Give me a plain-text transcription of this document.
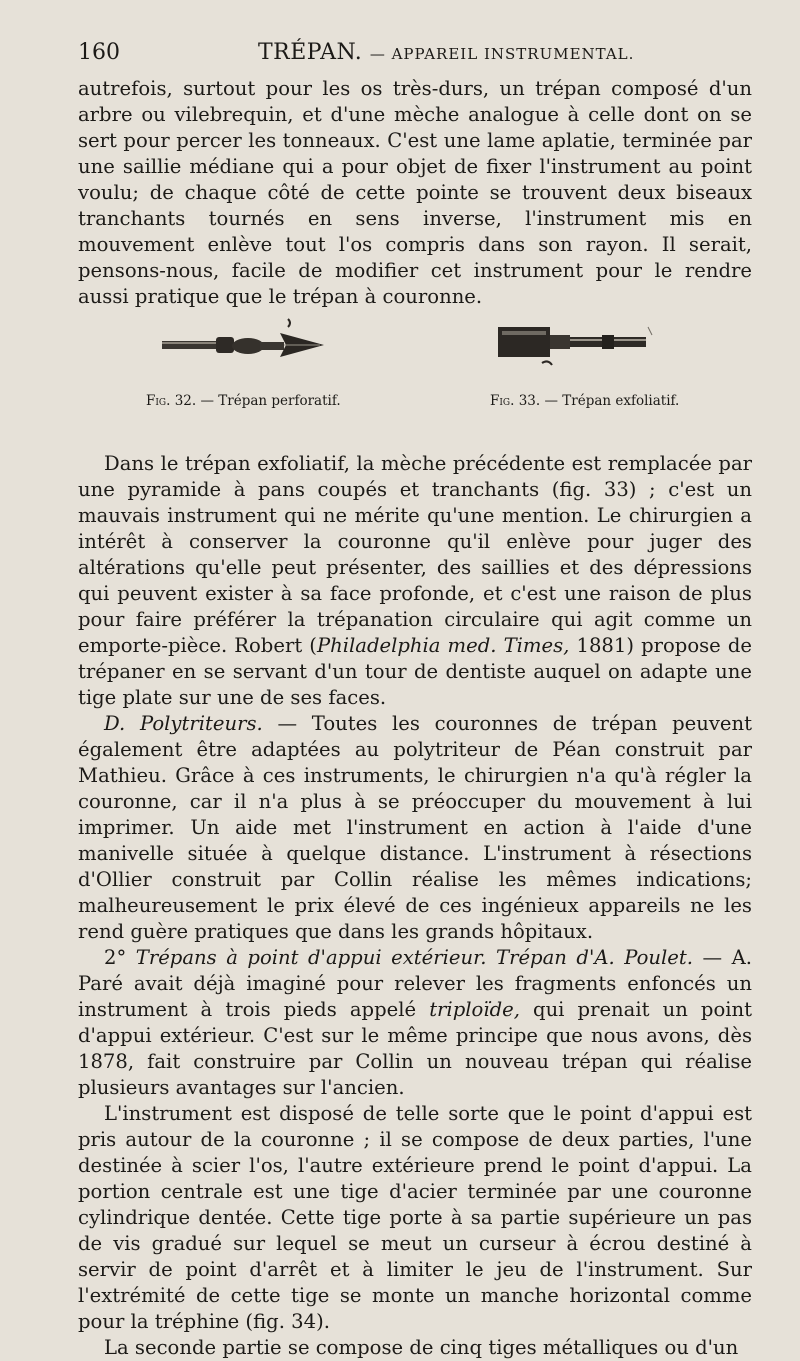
160	TRÉPAN. — APPAREIL INSTRUMENTAL.

autrefois, surtout pour les os très-durs, un trépan composé d'un arbre ou vilebrequin, et d'une mèche analogue à celle dont on se sert pour percer les tonneaux. C'est une lame aplatie, terminée par une saillie médiane qui a pour objet de fixer l'instrument au point voulu; de chaque côté de cette pointe se trouvent deux biseaux tranchants tournés en sens inverse, l'instrument mis en mouvement enlève tout l'os compris dans son rayon. Il serait, pensons-nous, facile de modifier cet instrument pour le rendre aussi pratique que le trépan à couronne.

Fig. 32. — Trépan perforatif.	Fig. 33. — Trépan exfoliatif.

Dans le trépan exfoliatif, la mèche précédente est remplacée par une pyramide à pans coupés et tranchants (fig. 33) ; c'est un mauvais instrument qui ne mérite qu'une mention. Le chirurgien a intérêt à conserver la couronne qu'il enlève pour juger des altérations qu'elle peut présenter, des saillies et des dépressions qui peuvent exister à sa face profonde, et c'est une raison de plus pour faire préférer la trépanation circulaire qui agit comme un emporte-pièce. Robert (Philadelphia med. Times, 1881) propose de trépaner en se servant d'un tour de dentiste auquel on adapte une tige plate sur une de ses faces.

D. Polytriteurs. — Toutes les couronnes de trépan peuvent également être adaptées au polytriteur de Péan construit par Mathieu. Grâce à ces instruments, le chirurgien n'a qu'à régler la couronne, car il n'a plus à se préoccuper du mouvement à lui imprimer. Un aide met l'instrument en action à l'aide d'une manivelle située à quelque distance. L'instrument à résections d'Ollier construit par Collin réalise les mêmes indications; malheureusement le prix élevé de ces ingénieux appareils ne les rend guère pratiques que dans les grands hôpitaux.

2° Trépans à point d'appui extérieur. Trépan d'A. Poulet. — A. Paré avait déjà imaginé pour relever les fragments enfoncés un instrument à trois pieds appelé triploïde, qui prenait un point d'appui extérieur. C'est sur le même principe que nous avons, dès 1878, fait construire par Collin un nouveau trépan qui réalise plusieurs avantages sur l'ancien.

L'instrument est disposé de telle sorte que le point d'appui est pris autour de la couronne ; il se compose de deux parties, l'une destinée à scier l'os, l'autre extérieure prend le point d'appui. La portion centrale est une tige d'acier terminée par une couronne cylindrique dentée. Cette tige porte à sa partie supérieure un pas de vis gradué sur lequel se meut un curseur à écrou destiné à servir de point d'arrêt et à limiter le jeu de l'instrument. Sur l'extrémité de cette tige se monte un manche horizontal comme pour la tréphine (fig. 34).

La seconde partie se compose de cinq tiges métalliques ou d'un
